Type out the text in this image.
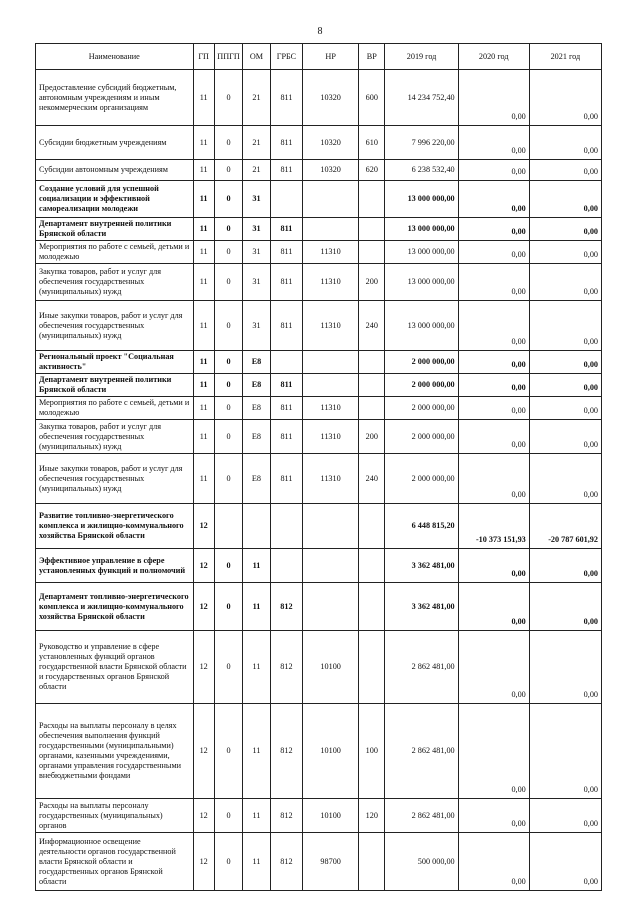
8
Наименование	ГП	ППГП	ОМ	ГРБС	НР	ВР	2019 год	2020 год	2021 год
Предоставление субсидий бюджетным, автономным учреждениям и иным некоммерческим организациям	11	0	21	811	10320	600	14 234 752,40	0,00	0,00
Субсидии бюджетным учреждениям	11	0	21	811	10320	610	7 996 220,00	0,00	0,00
Субсидии автономным учреждениям	11	0	21	811	10320	620	6 238 532,40	0,00	0,00
Создание условий для успешной социализации и эффективной самореализации молодежи	11	0	31				13 000 000,00	0,00	0,00
Департамент внутренней политики Брянской области	11	0	31	811			13 000 000,00	0,00	0,00
Мероприятия по работе с семьей, детьми и молодежью	11	0	31	811	11310		13 000 000,00	0,00	0,00
Закупка товаров, работ и услуг для обеспечения государственных (муниципальных) нужд	11	0	31	811	11310	200	13 000 000,00	0,00	0,00
Иные закупки товаров, работ и услуг для обеспечения государственных (муниципальных) нужд	11	0	31	811	11310	240	13 000 000,00	0,00	0,00
Региональный проект "Социальная активность"	11	0	E8				2 000 000,00	0,00	0,00
Департамент внутренней политики Брянской области	11	0	E8	811			2 000 000,00	0,00	0,00
Мероприятия по работе с семьей, детьми и молодежью	11	0	E8	811	11310		2 000 000,00	0,00	0,00
Закупка товаров, работ и услуг для обеспечения государственных (муниципальных) нужд	11	0	E8	811	11310	200	2 000 000,00	0,00	0,00
Иные закупки товаров, работ и услуг для обеспечения государственных (муниципальных) нужд	11	0	E8	811	11310	240	2 000 000,00	0,00	0,00
Развитие топливно-энергетического комплекса и жилищно-коммунального хозяйства Брянской области	12						6 448 815,20	-10 373 151,93	-20 787 601,92
Эффективное управление в сфере установленных функций и полномочий	12	0	11				3 362 481,00	0,00	0,00
Департамент топливно-энергетического комплекса и жилищно-коммунального хозяйства Брянской области	12	0	11	812			3 362 481,00	0,00	0,00
Руководство и управление в сфере установленных функций органов государственной власти Брянской области и государственных органов Брянской области	12	0	11	812	10100		2 862 481,00	0,00	0,00
Расходы на выплаты персоналу в целях обеспечения выполнения функций государственными (муниципальными) органами, казенными учреждениями, органами управления государственными внебюджетными фондами	12	0	11	812	10100	100	2 862 481,00	0,00	0,00
Расходы на выплаты персоналу государственных (муниципальных) органов	12	0	11	812	10100	120	2 862 481,00	0,00	0,00
Информационное освещение деятельности органов государственной власти Брянской области и государственных органов Брянской области	12	0	11	812	98700		500 000,00	0,00	0,00
